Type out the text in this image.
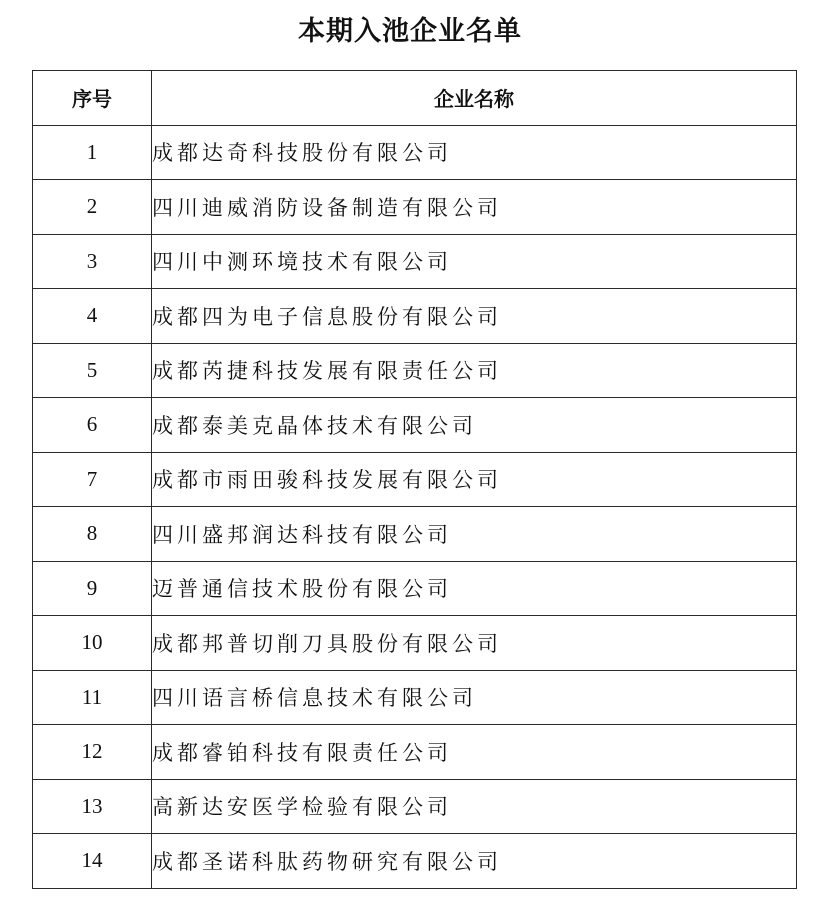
本期入池企业名单
序号	企业名称
1	成都达奇科技股份有限公司
2	四川迪威消防设备制造有限公司
3	四川中测环境技术有限公司
4	成都四为电子信息股份有限公司
5	成都芮捷科技发展有限责任公司
6	成都泰美克晶体技术有限公司
7	成都市雨田骏科技发展有限公司
8	四川盛邦润达科技有限公司
9	迈普通信技术股份有限公司
10	成都邦普切削刀具股份有限公司
11	四川语言桥信息技术有限公司
12	成都睿铂科技有限责任公司
13	高新达安医学检验有限公司
14	成都圣诺科肽药物研究有限公司
